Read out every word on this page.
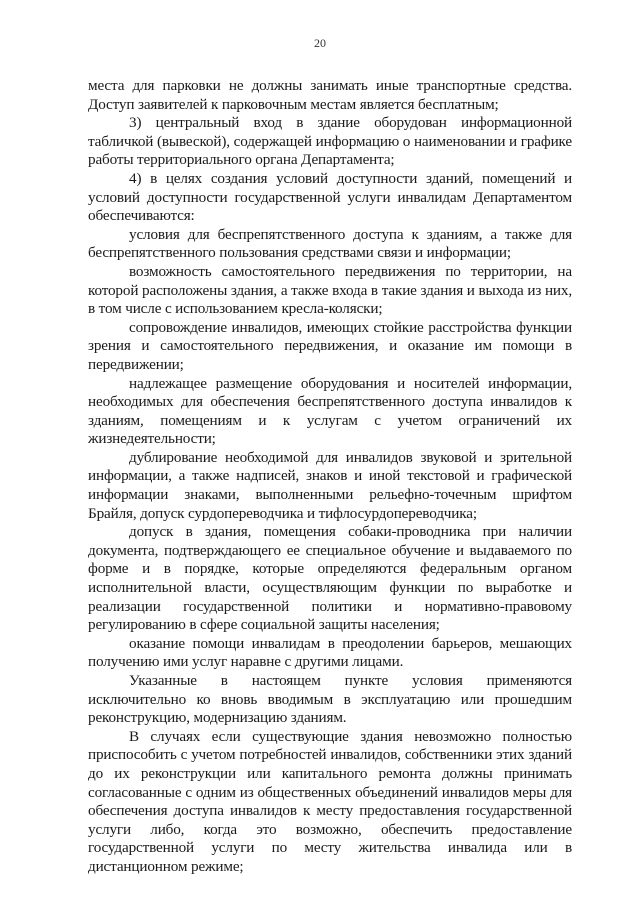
20

места для парковки не должны занимать иные транспортные средства. Доступ заявителей к парковочным местам является бесплатным;

3) центральный вход в здание оборудован информационной табличкой (вывеской), содержащей информацию о наименовании и графике работы территориального органа Департамента;

4) в целях создания условий доступности зданий, помещений и условий доступности государственной услуги инвалидам Департаментом обеспечиваются:

условия для беспрепятственного доступа к зданиям, а также для беспрепятственного пользования средствами связи и информации;

возможность самостоятельного передвижения по территории, на которой расположены здания, а также входа в такие здания и выхода из них, в том числе с использованием кресла-коляски;

сопровождение инвалидов, имеющих стойкие расстройства функции зрения и самостоятельного передвижения, и оказание им помощи в передвижении;

надлежащее размещение оборудования и носителей информации, необходимых для обеспечения беспрепятственного доступа инвалидов к зданиям, помещениям и к услугам с учетом ограничений их жизнедеятельности;

дублирование необходимой для инвалидов звуковой и зрительной информации, а также надписей, знаков и иной текстовой и графической информации знаками, выполненными рельефно-точечным шрифтом Брайля, допуск сурдопереводчика и тифлосурдопереводчика;

допуск в здания, помещения собаки-проводника при наличии документа, подтверждающего ее специальное обучение и выдаваемого по форме и в порядке, которые определяются федеральным органом исполнительной власти, осуществляющим функции по выработке и реализации государственной политики и нормативно-правовому регулированию в сфере социальной защиты населения;

оказание помощи инвалидам в преодолении барьеров, мешающих получению ими услуг наравне с другими лицами.

Указанные в настоящем пункте условия применяются исключительно ко вновь вводимым в эксплуатацию или прошедшим реконструкцию, модернизацию зданиям.

В случаях если существующие здания невозможно полностью приспособить с учетом потребностей инвалидов, собственники этих зданий до их реконструкции или капитального ремонта должны принимать согласованные с одним из общественных объединений инвалидов меры для обеспечения доступа инвалидов к месту предоставления государственной услуги либо, когда это возможно, обеспечить предоставление государственной услуги по месту жительства инвалида или в дистанционном режиме;
